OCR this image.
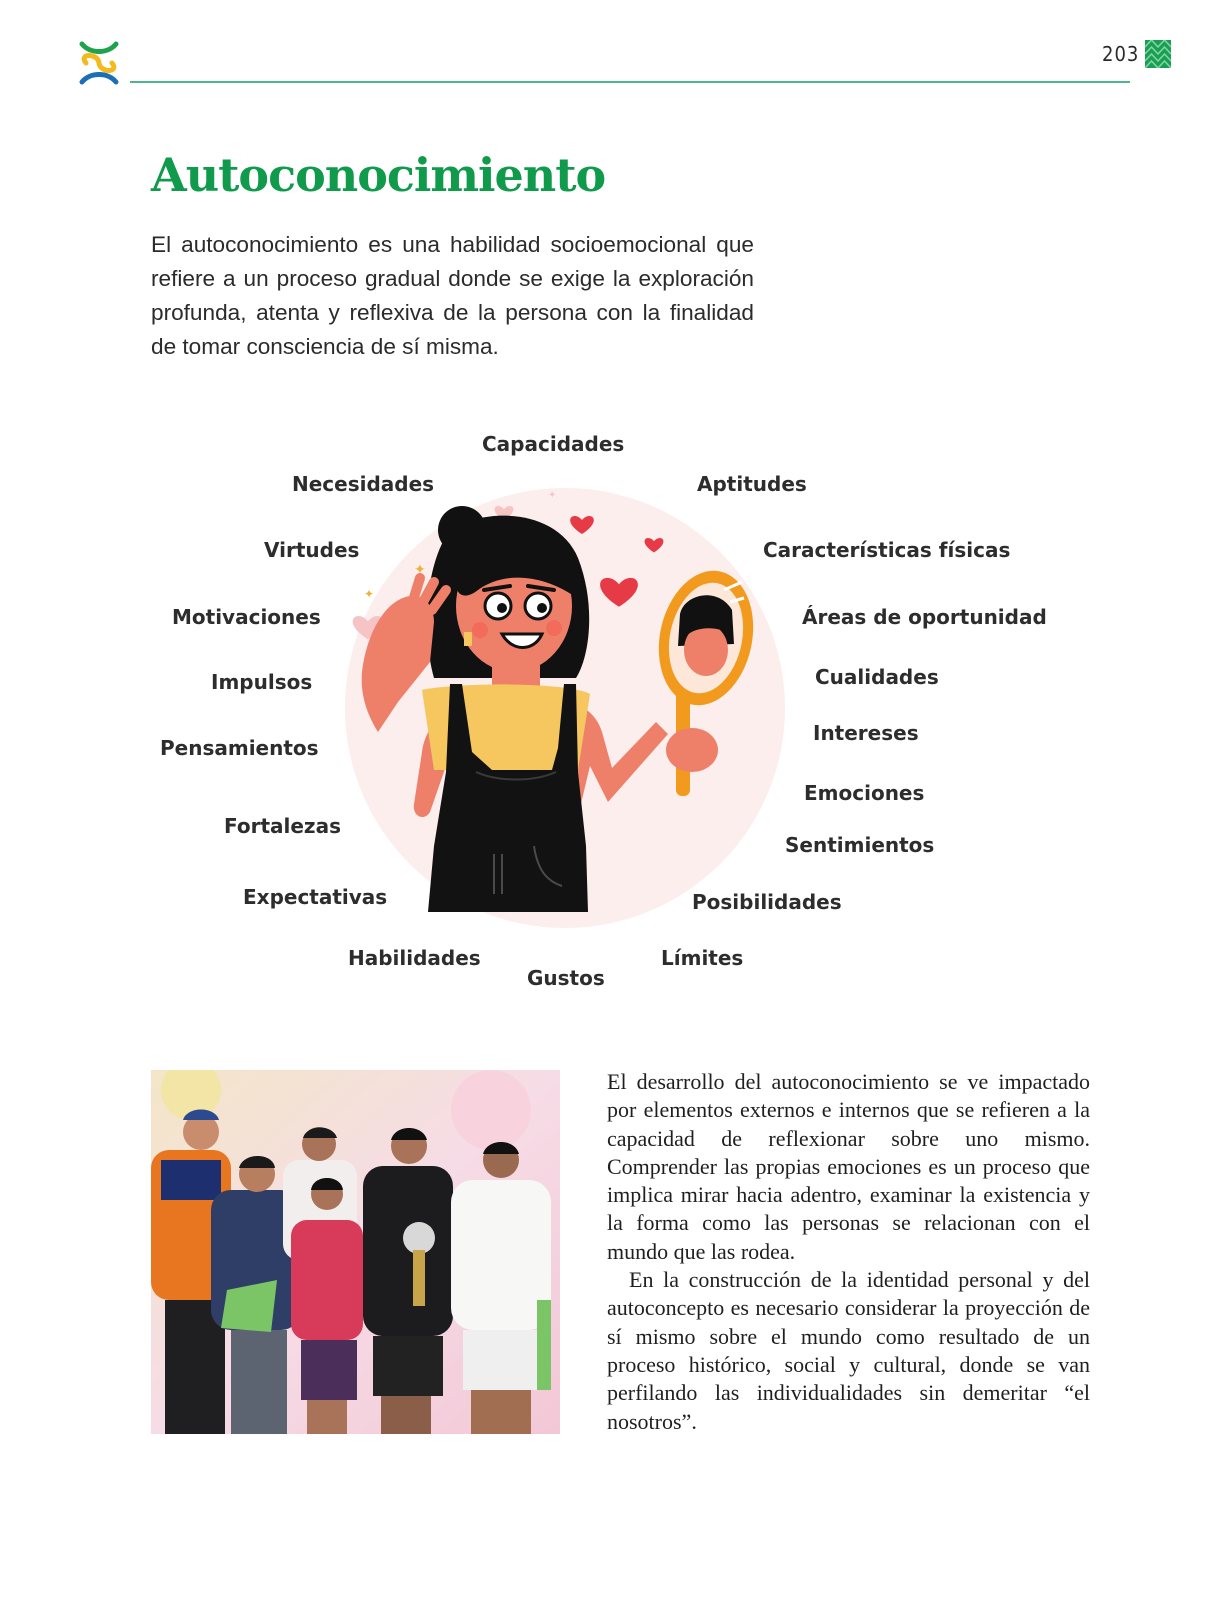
203
Autoconocimiento

El autoconocimiento es una habilidad socioemocional que refiere a un proceso gradual donde se exige la exploración profunda, atenta y reflexiva de la persona con la finalidad de tomar consciencia de sí misma.

✦
✦
✦
Capacidades
Necesidades	Aptitudes
Virtudes	Características físicas
Motivaciones	Áreas de oportunidad
Impulsos	Cualidades
Pensamientos
Intereses
Emociones
Fortalezas
Sentimientos
Expectativas	Posibilidades
Habilidades	Límites
Gustos

El desarrollo del autoconocimiento se ve impactado por elementos externos e internos que se refieren a la capacidad de reflexionar sobre uno mismo. Comprender las propias emociones es un proceso que implica mirar hacia adentro, examinar la existencia y la forma como las personas se relacionan con el mundo que las rodea.

En la construcción de la identidad personal y del autoconcepto es necesario considerar la proyección de sí mismo sobre el mundo como resultado de un proceso histórico, social y cultural, donde se van perfilando las individualidades sin demeritar “el nosotros”.
